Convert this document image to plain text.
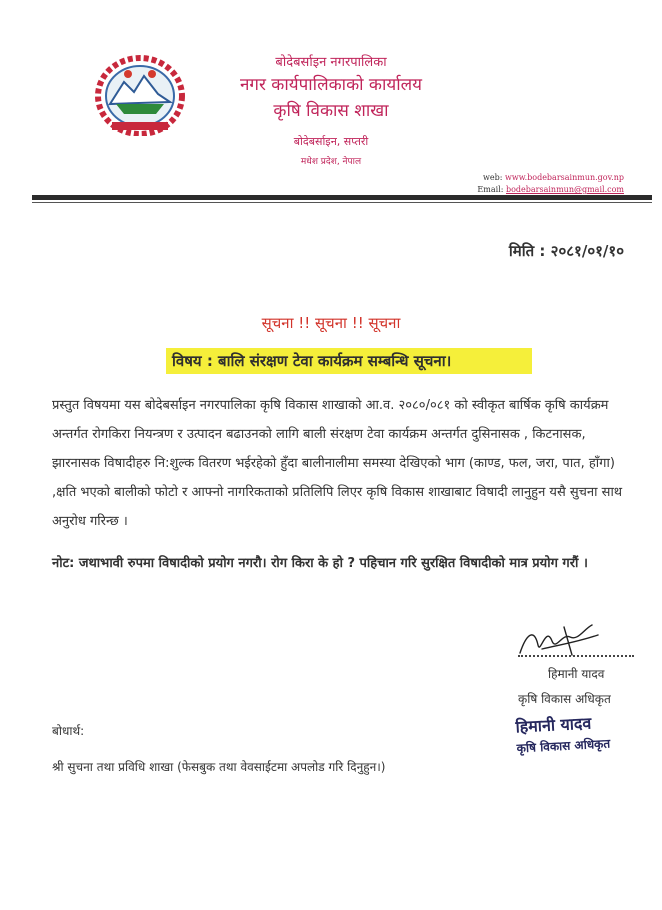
बोदेबर्साइन नगरपालिका
नगर कार्यपालिकाको कार्यालय
कृषि विकास शाखा
बोदेबर्साइन, सप्तरी
मधेश प्रदेश, नेपाल
web: www.bodebarsainmun.gov.np
Email: bodebarsainmun@gmail.com
मिति : २०८१/०१/१०
सूचना !! सूचना !! सूचना
विषय : बालि संरक्षण टेवा कार्यक्रम सम्बन्धि सूचना।
प्रस्तुत विषयमा यस बोदेबर्साइन नगरपालिका कृषि विकास शाखाको आ.व. २०८०/०८१ को स्वीकृत बार्षिक कृषि कार्यक्रम अन्तर्गत रोगकिरा नियन्त्रण र उत्पादन बढाउनको लागि बाली संरक्षण टेवा कार्यक्रम अन्तर्गत दुसिनासक , किटनासक, झारनासक विषादीहरु नि:शुल्क वितरण भईरहेको हुँदा बालीनालीमा समस्या देखिएको भाग (काण्ड, फल, जरा, पात, हाँगा) ,क्षति भएको बालीको फोटो र आफ्नो नागरिकताको प्रतिलिपि लिएर कृषि विकास शाखाबाट विषादी लानुहुन यसै सुचना साथ अनुरोध गरिन्छ ।
नोट: जथाभावी रुपमा विषादीको प्रयोग नगरौ। रोग किरा के हो ? पहिचान गरि सुरक्षित विषादीको मात्र प्रयोग गरौं ।
हिमानी यादव
कृषि विकास अधिकृत
हिमानी यादव
कृषि विकास अधिकृत
बोधार्थ:
श्री सुचना तथा प्रविधि शाखा (फेसबुक तथा वेवसाईटमा अपलोड गरि दिनुहुन।)
